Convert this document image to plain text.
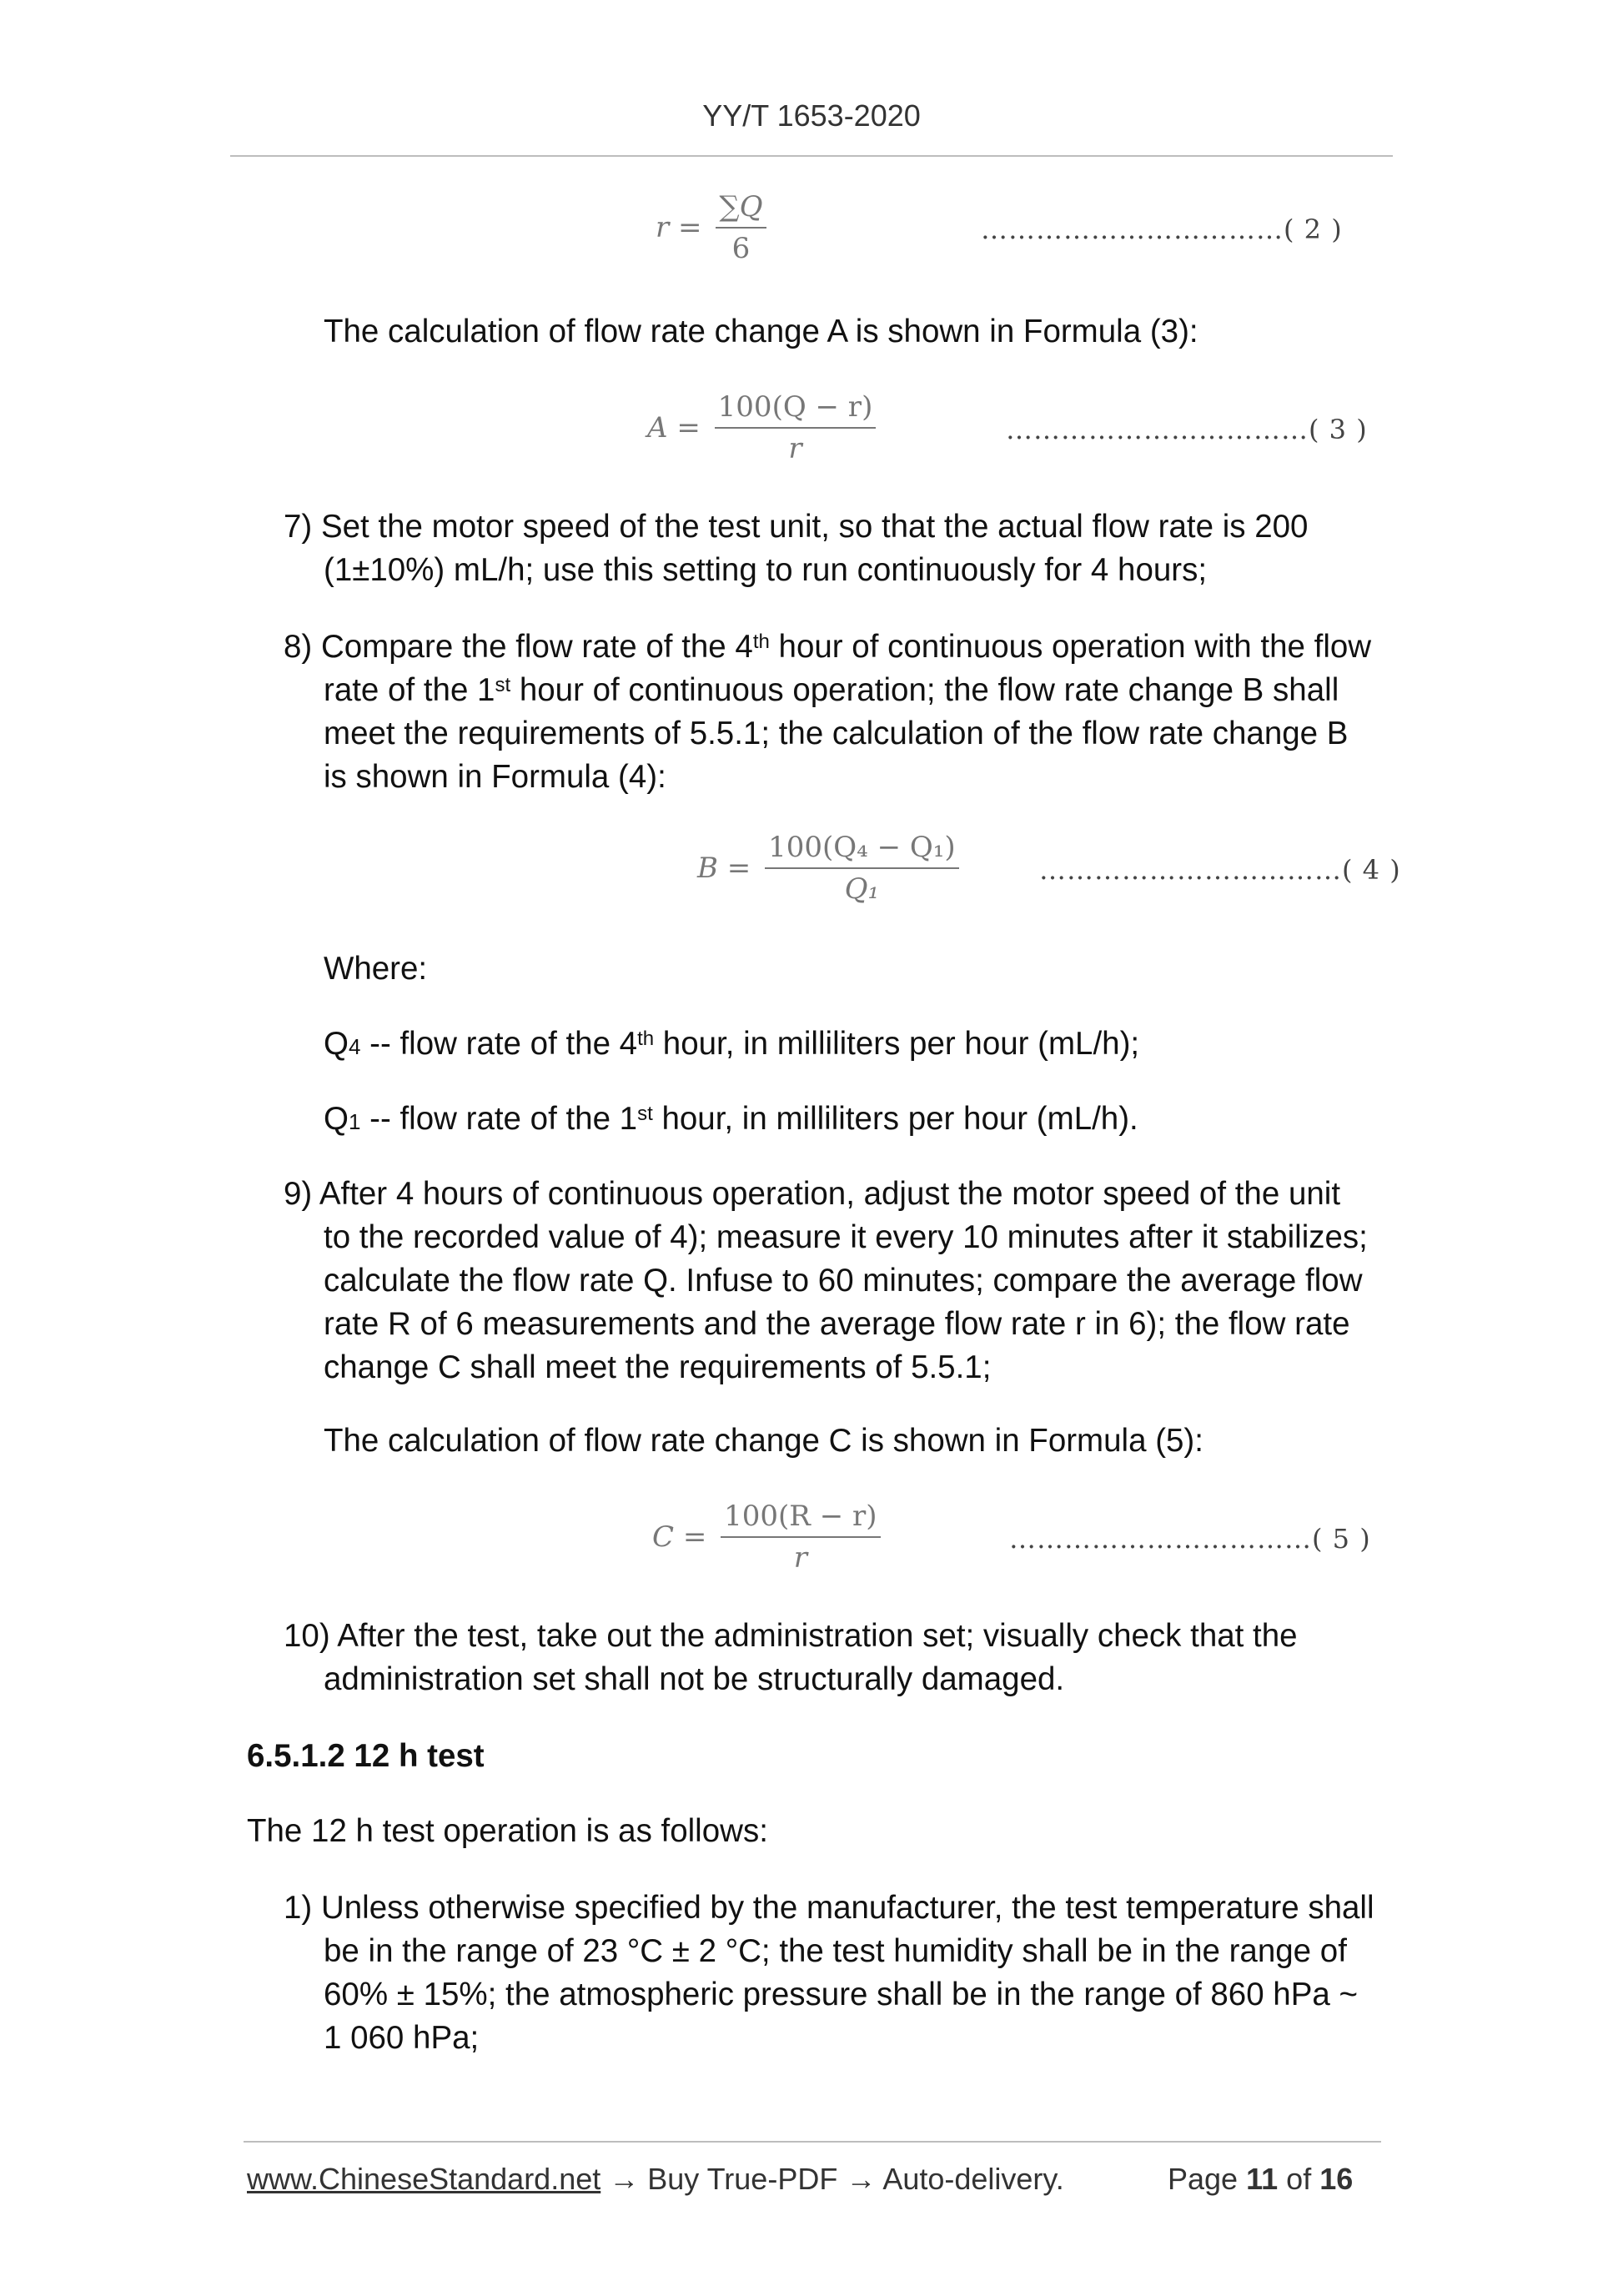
YY/T 1653-2020
$r = \frac{\sum Q}{6}$	……………………………( 2 )

The calculation of flow rate change A is shown in Formula (3):

$A = \frac{100(Q - r)}{r}$	……………………………( 3 )
7) Set the motor speed of the test unit, so that the actual flow rate is 200
(1±10%) mL/h; use this setting to run continuously for 4 hours;
8) Compare the flow rate of the 4th hour of continuous operation with the flow
rate of the 1st hour of continuous operation; the flow rate change B shall
meet the requirements of 5.5.1; the calculation of the flow rate change B
is shown in Formula (4):
$B = \frac{\text{100(Q₄ − Q₁)}}{\text{Q₁}}$	……………………………( 4 )

Where:

Q4 -- flow rate of the 4th hour, in milliliters per hour (mL/h);

Q1 -- flow rate of the 1st hour, in milliliters per hour (mL/h).

9) After 4 hours of continuous operation, adjust the motor speed of the unit
to the recorded value of 4); measure it every 10 minutes after it stabilizes;
calculate the flow rate Q. Infuse to 60 minutes; compare the average flow
rate R of 6 measurements and the average flow rate r in 6); the flow rate
change C shall meet the requirements of 5.5.1;

The calculation of flow rate change C is shown in Formula (5):

$C = \frac{100(R - r)}{r}$	……………………………( 5 )
10) After the test, take out the administration set; visually check that the
administration set shall not be structurally damaged.

6.5.1.2 12 h test

The 12 h test operation is as follows:

1) Unless otherwise specified by the manufacturer, the test temperature shall
be in the range of 23 °C ± 2 °C; the test humidity shall be in the range of
60% ± 15%; the atmospheric pressure shall be in the range of 860 hPa ~
1 060 hPa;
www.ChineseStandard.net → Buy True-PDF → Auto-delivery.	Page 11 of 16
